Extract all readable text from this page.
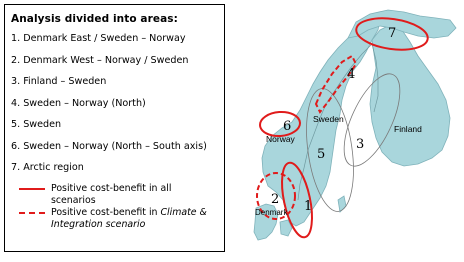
Analysis divided into areas:
1. Denmark East / Sweden – Norway
2. Denmark West – Norway / Sweden
3. Finland – Sweden
4. Sweden – Norway (North)
5. Sweden
6. Sweden – Norway (North – South axis)
7. Arctic region
Positive cost-benefit in all scenarios
Positive cost-benefit in Climate &
Integration scenario
Norway
Sweden
Finland
Denmark 1
2
3
4
5
6
7
